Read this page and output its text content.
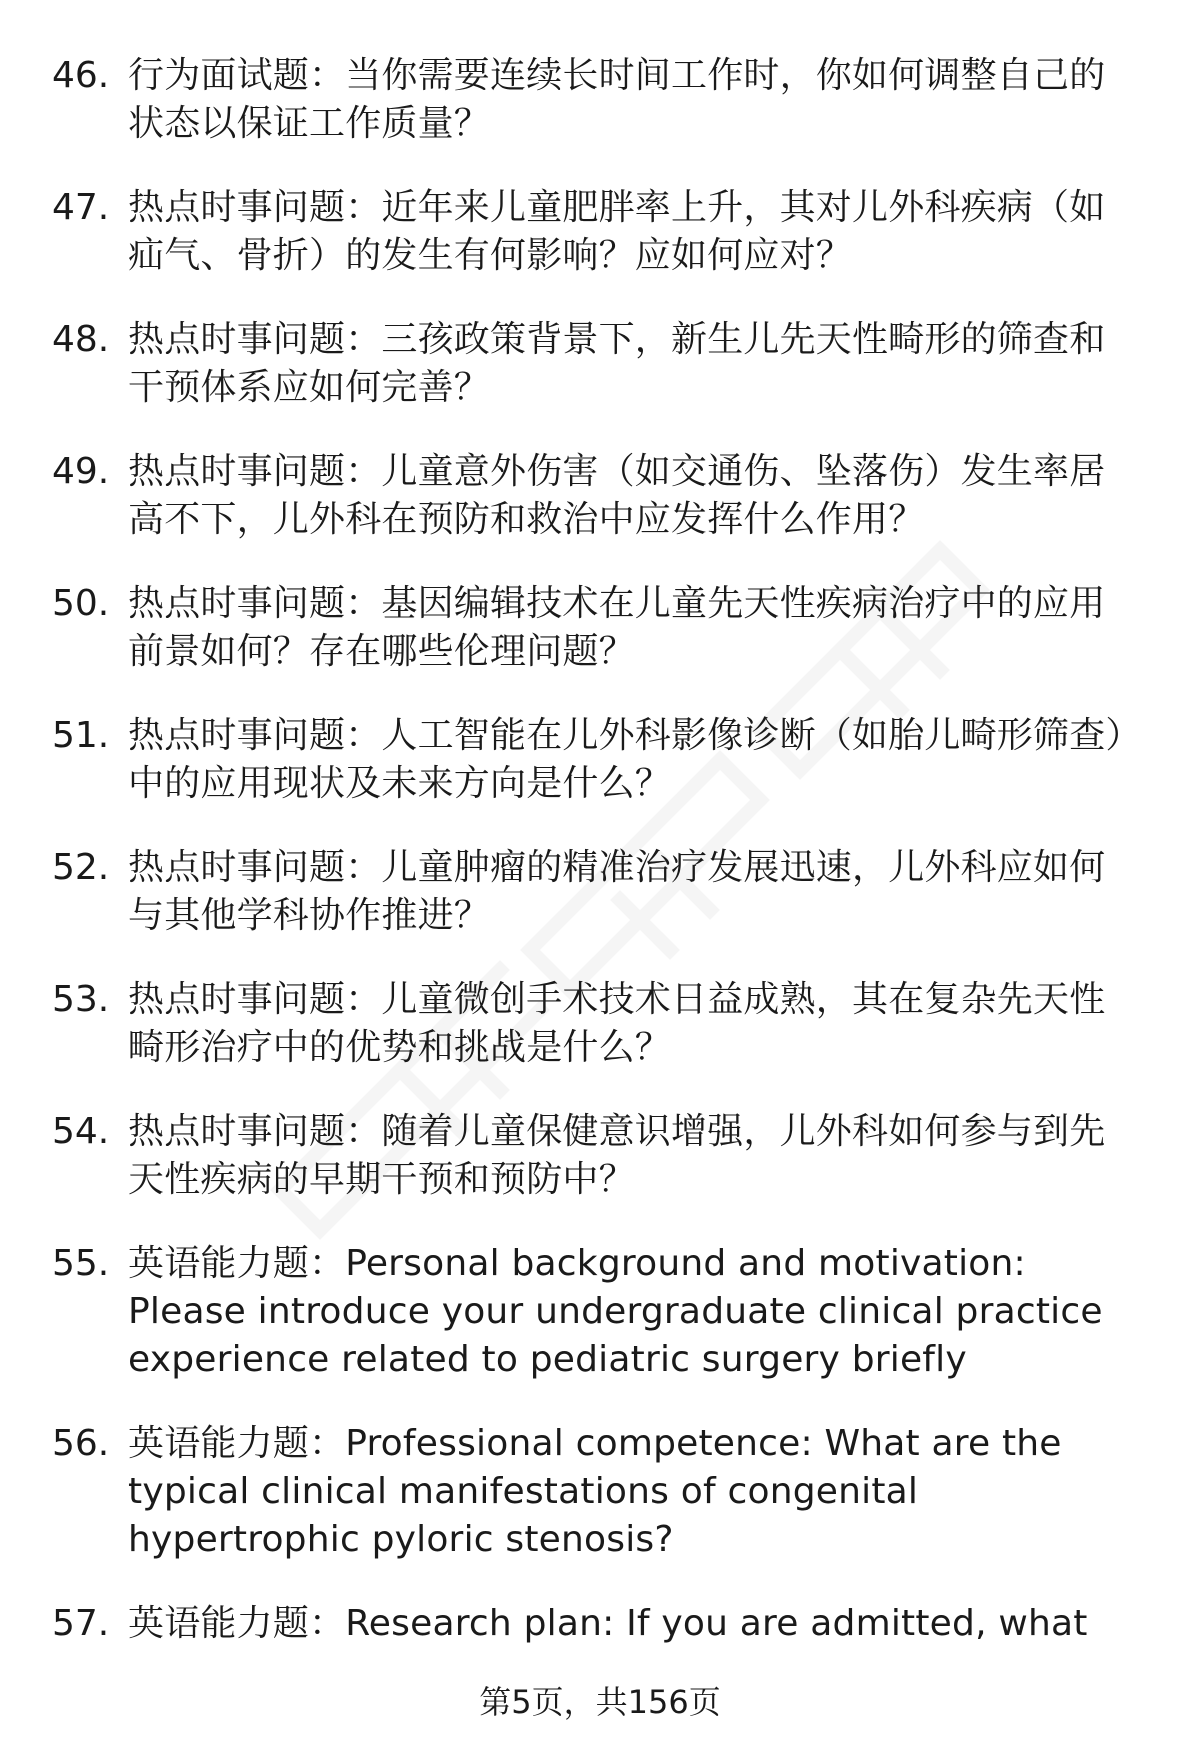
46. 行为面试题：当你需要连续长时间工作时，你如何调整自己的状态以保证工作质量？
47. 热点时事问题：近年来儿童肥胖率上升，其对儿外科疾病（如疝气、骨折）的发生有何影响？应如何应对？
48. 热点时事问题：三孩政策背景下，新生儿先天性畸形的筛查和干预体系应如何完善？
49. 热点时事问题：儿童意外伤害（如交通伤、坠落伤）发生率居高不下，儿外科在预防和救治中应发挥什么作用？
50. 热点时事问题：基因编辑技术在儿童先天性疾病治疗中的应用前景如何？存在哪些伦理问题？
51. 热点时事问题：人工智能在儿外科影像诊断（如胎儿畸形筛查）中的应用现状及未来方向是什么？
52. 热点时事问题：儿童肿瘤的精准治疗发展迅速，儿外科应如何与其他学科协作推进？
53. 热点时事问题：儿童微创手术技术日益成熟，其在复杂先天性畸形治疗中的优势和挑战是什么？
54. 热点时事问题：随着儿童保健意识增强，儿外科如何参与到先天性疾病的早期干预和预防中？
55. 英语能力题：Personal background and motivation: Please introduce your undergraduate clinical practice experience related to pediatric surgery briefly
56. 英语能力题：Professional competence: What are the typical clinical manifestations of congenital hypertrophic pyloric stenosis?
57. 英语能力题：Research plan: If you are admitted, what
第5页，共156页
